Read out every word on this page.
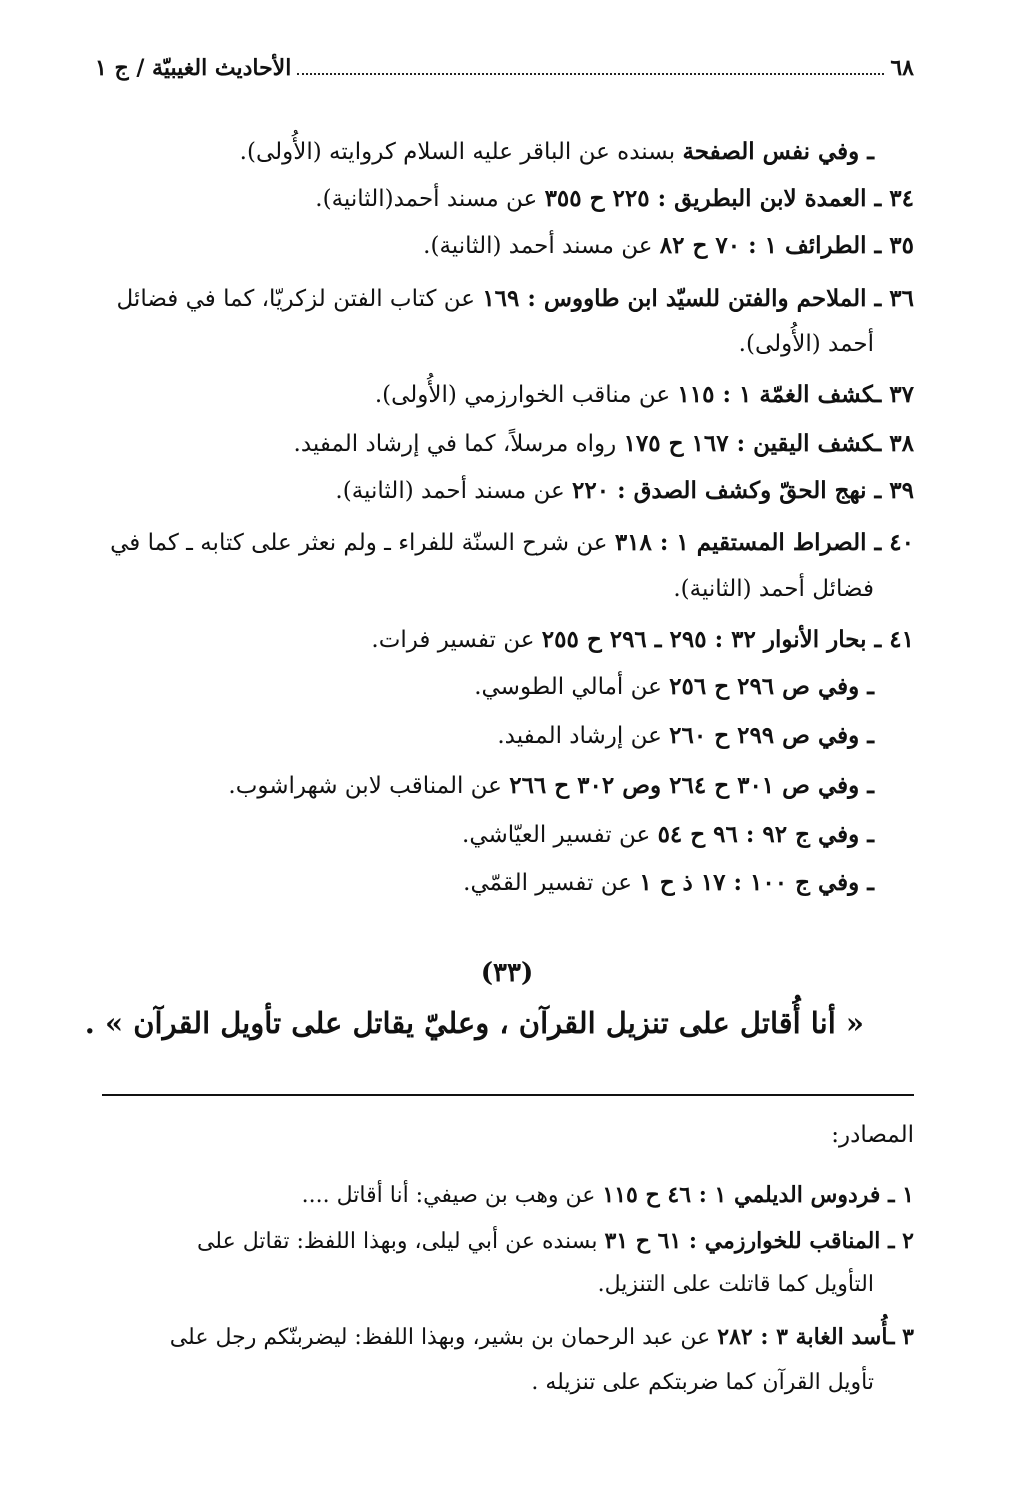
٦٨
الأحاديث الغيبيّة / ج ١
ـ وفي نفس الصفحة بسنده عن الباقر عليه السلام كروايته (الأُولى).
٣٤ ـ العمدة لابن البطريق : ٢٢٥ ح ٣٥٥ عن مسند أحمد(الثانية).
٣٥ ـ الطرائف ١ : ٧٠ ح ٨٢ عن مسند أحمد (الثانية).
٣٦ ـ الملاحم والفتن للسيّد ابن طاووس : ١٦٩ عن كتاب الفتن لزكريّا، كما في فضائل
أحمد (الأُولى).
٣٧ ـكشف الغمّة ١ : ١١٥ عن مناقب الخوارزمي (الأُولى).
٣٨ ـكشف اليقين : ١٦٧ ح ١٧٥ رواه مرسلاً، كما في إرشاد المفيد.
٣٩ ـ نهج الحقّ وكشف الصدق : ٢٢٠ عن مسند أحمد (الثانية).
٤٠ ـ الصراط المستقيم ١ : ٣١٨ عن شرح السنّة للفراء ـ ولم نعثر على كتابه ـ كما في
فضائل أحمد (الثانية).
٤١ ـ بحار الأنوار ٣٢ : ٢٩٥ ـ ٢٩٦ ح ٢٥٥ عن تفسير فرات.
ـ وفي ص ٢٩٦ ح ٢٥٦ عن أمالي الطوسي.
ـ وفي ص ٢٩٩ ح ٢٦٠ عن إرشاد المفيد.
ـ وفي ص ٣٠١ ح ٢٦٤ وص ٣٠٢ ح ٢٦٦ عن المناقب لابن شهراشوب.
ـ وفي ج ٩٢ : ٩٦ ح ٥٤ عن تفسير العيّاشي.
ـ وفي ج ١٠٠ : ١٧ ذ ح ١ عن تفسير القمّي.
(٣٣)
« أنا أُقاتل على تنزيل القرآن ، وعليّ يقاتل على تأويل القرآن » .
المصادر:
١ ـ فردوس الديلمي ١ : ٤٦ ح ١١٥ عن وهب بن صيفي: أنا أقاتل ....
٢ ـ المناقب للخوارزمي : ٦١ ح ٣١ بسنده عن أبي ليلى، وبهذا اللفظ: تقاتل على
التأويل كما قاتلت على التنزيل.
٣ ـأُسد الغابة ٣ : ٢٨٢ عن عبد الرحمان بن بشير، وبهذا اللفظ: ليضربنّكم رجل على
تأويل القرآن كما ضربتكم على تنزيله .
